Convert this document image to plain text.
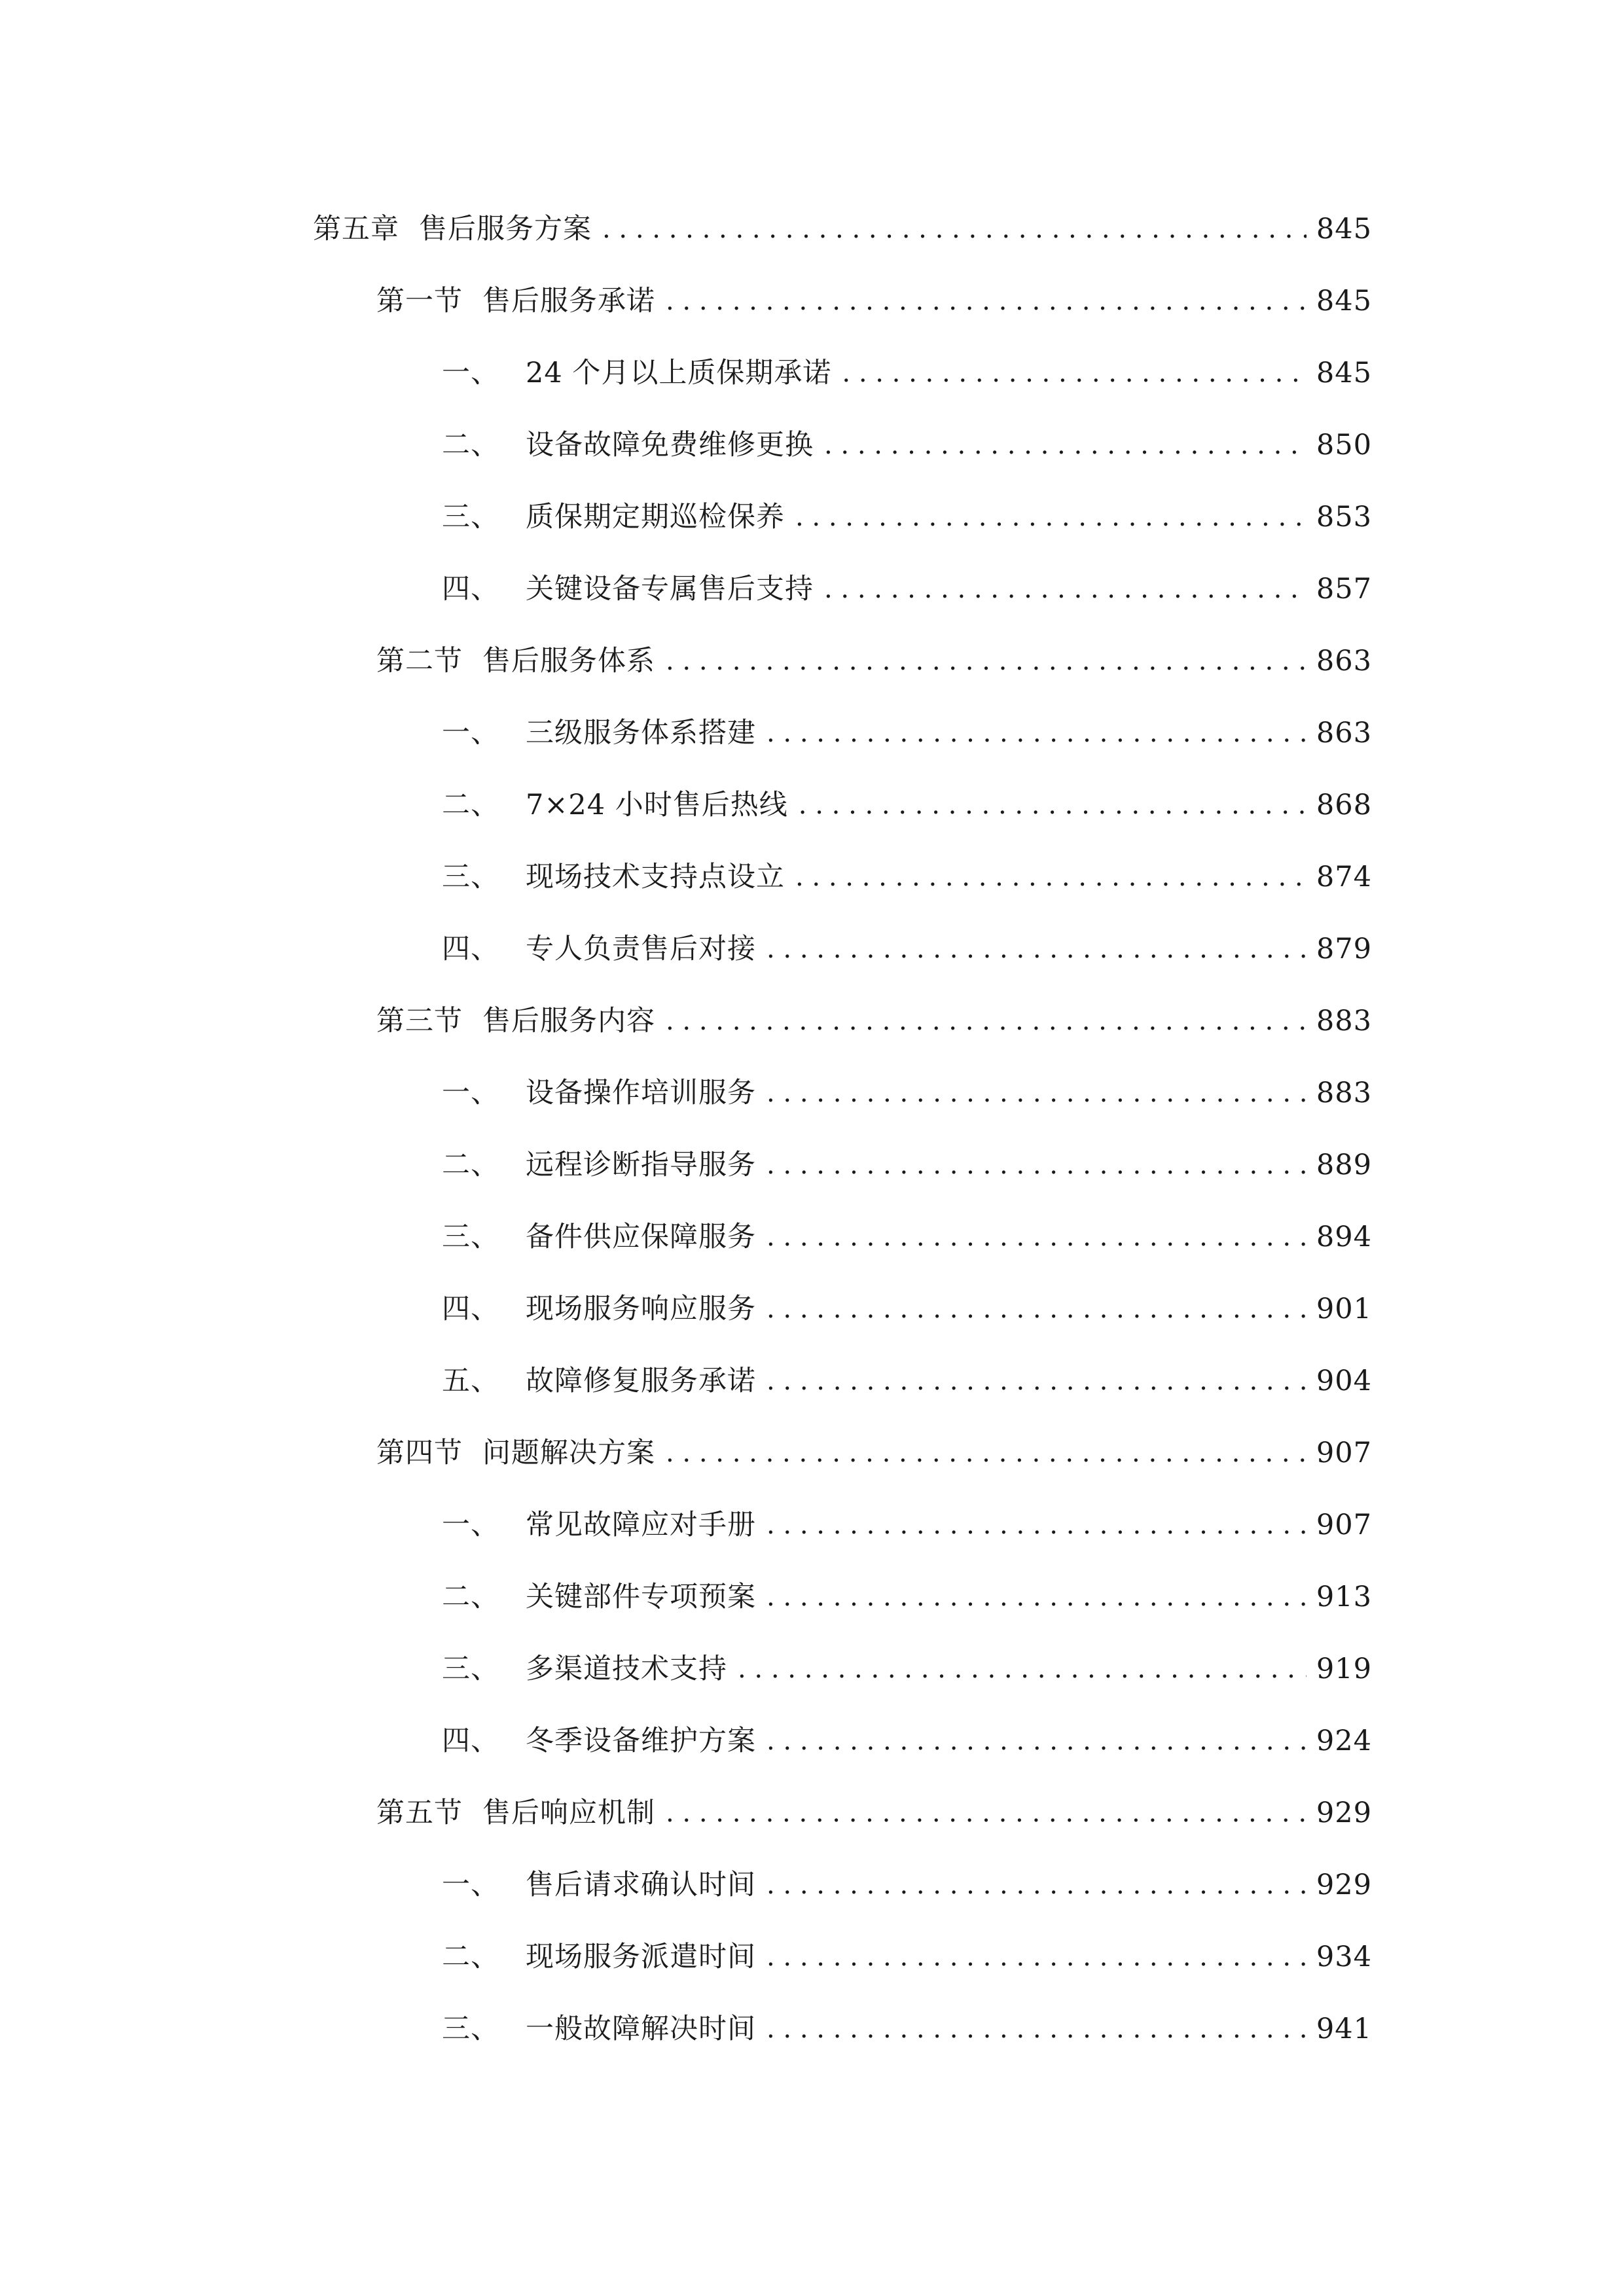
第五章 售后服务方案 . . .	845
第一节 售后服务承诺 . . .	845
一、 24 个月以上质保期承诺 . . .	845
二、 设备故障免费维修更换 . . .	850
三、 质保期定期巡检保养 . . .	853
四、 关键设备专属售后支持 . . .	857
第二节 售后服务体系 . . .	863
一、 三级服务体系搭建 . . .	863
二、 7×24 小时售后热线 . . .	868
三、 现场技术支持点设立 . . .	874
四、 专人负责售后对接 . . .	879
第三节 售后服务内容 . . .	883
一、 设备操作培训服务 . . .	883
二、 远程诊断指导服务 . . .	889
三、 备件供应保障服务 . . .	894
四、 现场服务响应服务 . . .	901
五、 故障修复服务承诺 . . .	904
第四节 问题解决方案 . . .	907
一、 常见故障应对手册 . . .	907
二、 关键部件专项预案 . . .	913
三、 多渠道技术支持 . . .	919
四、 冬季设备维护方案 . . .	924
第五节 售后响应机制 . . .	929
一、 售后请求确认时间 . . .	929
二、 现场服务派遣时间 . . .	934
三、 一般故障解决时间 . . .	941
